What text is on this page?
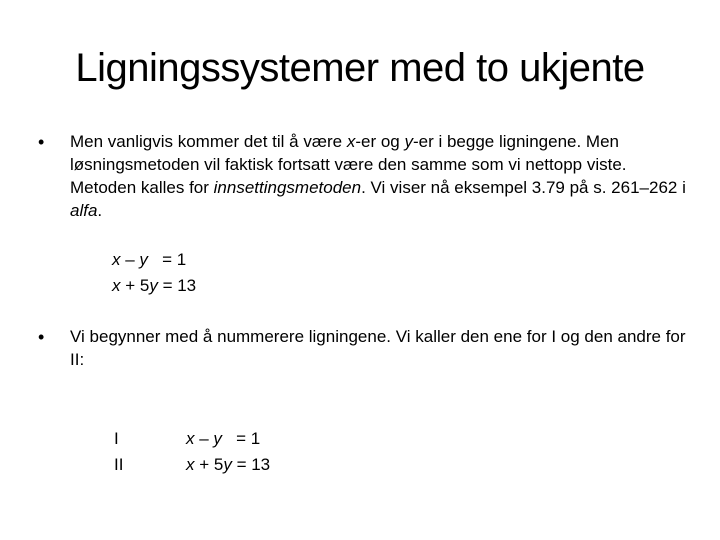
Ligningssystemer med to ukjente
• Men vanligvis kommer det til å være x-er og y-er i begge ligningene. Men løsningsmetoden vil faktisk fortsatt være den samme som vi nettopp viste. Metoden kalles for innsettingsmetoden. Vi viser nå eksempel 3.79 på s. 261–262 i alfa.
x – y   = 1
x + 5y = 13
• Vi begynner med å nummerere ligningene. Vi kaller den ene for I og den andre for II:
I
II
x – y   = 1
x + 5y = 13
